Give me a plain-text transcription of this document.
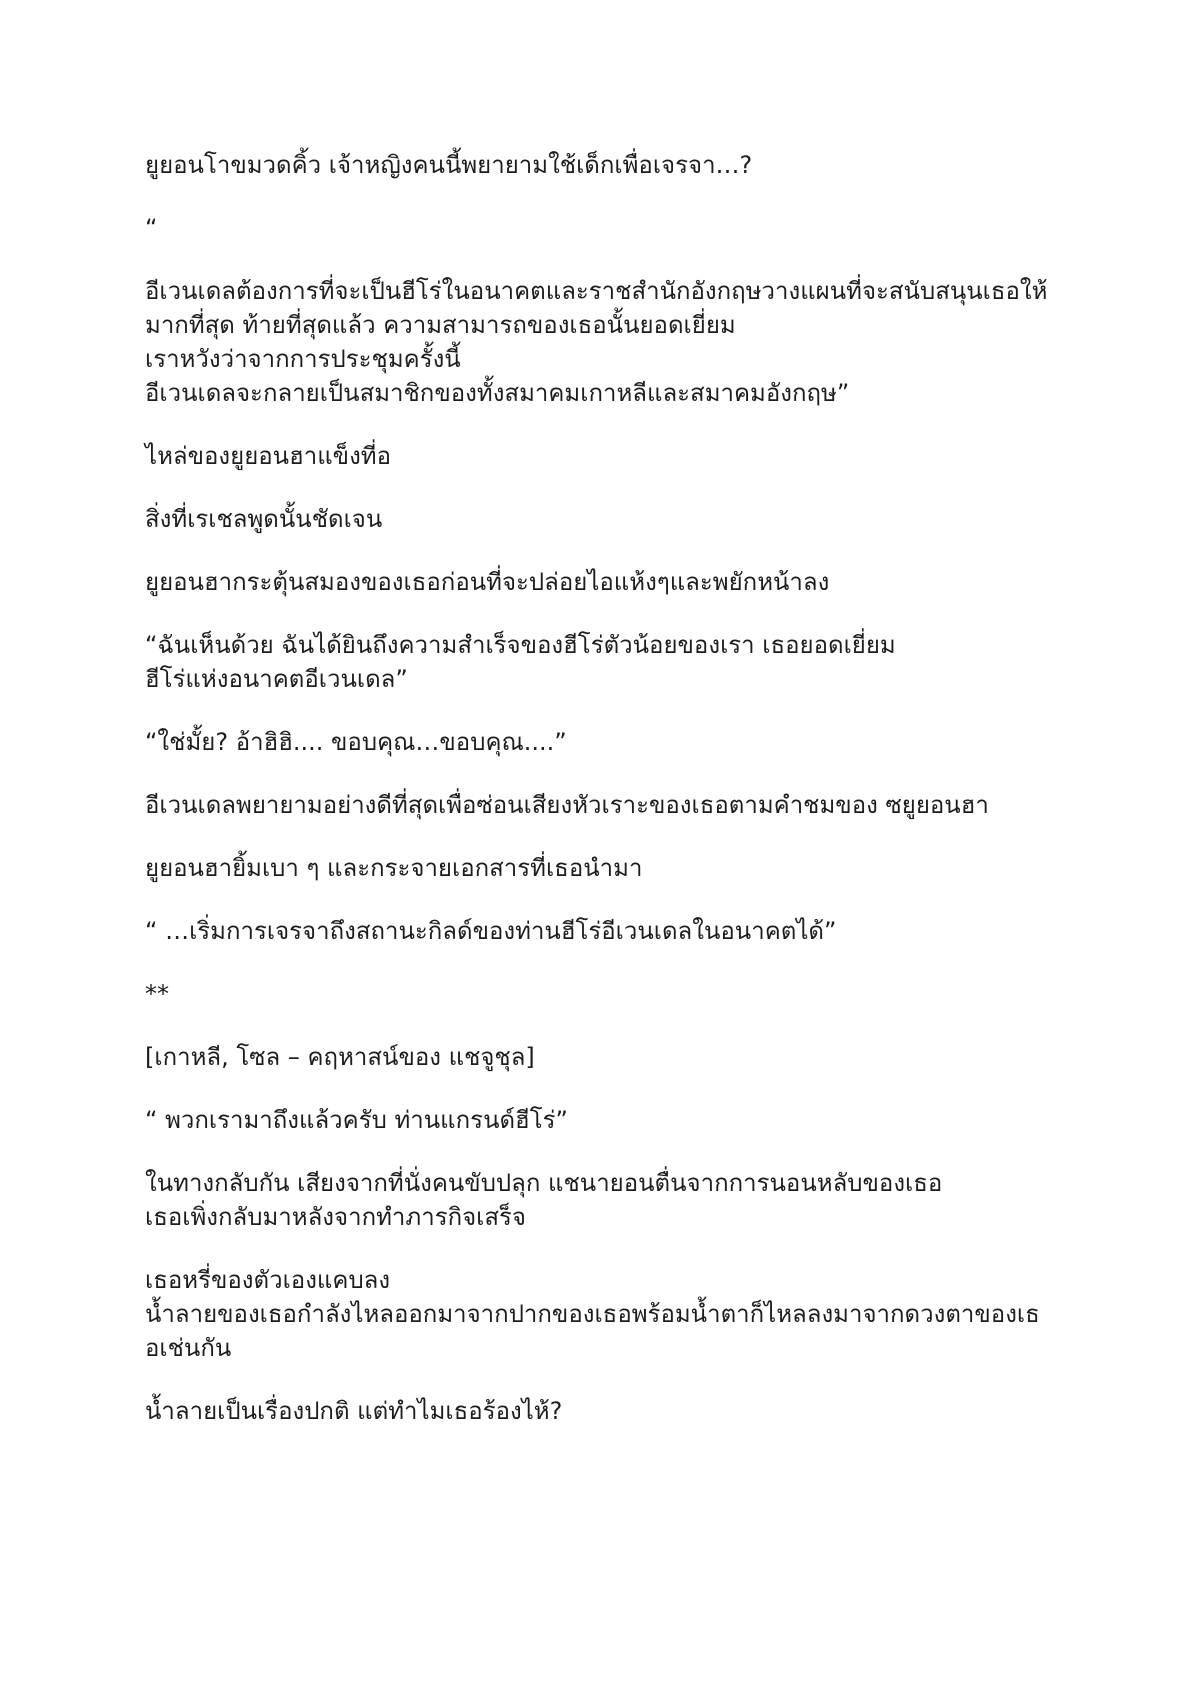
ยูยอนโาขมวดคิ้ว เจ้าหญิงคนนี้พยายามใช้เด็กเพื่อเจรจา…?

“

อีเวนเดลต้องการที่จะเป็นฮีโร่ในอนาคตและราชสำนักอังกฤษวางแผนที่จะสนับสนุนเธอให้
มากที่สุด ท้ายที่สุดแล้ว ความสามารถของเธอนั้นยอดเยี่ยม
เราหวังว่าจากการประชุมครั้งนี้
อีเวนเดลจะกลายเป็นสมาชิกของทั้งสมาคมเกาหลีและสมาคมอังกฤษ”

ไหล่ของยูยอนฮาแข็งที่อ

สิ่งที่เรเชลพูดนั้นชัดเจน

ยูยอนฮากระตุ้นสมองของเธอก่อนที่จะปล่อยไอแห้งๆและพยักหน้าลง

“ฉันเห็นด้วย ฉันได้ยินถึงความสำเร็จของฮีโร่ตัวน้อยของเรา เธอยอดเยี่ยม
ฮีโร่แห่งอนาคตอีเวนเดล”

“ใช่มั้ย? อ้าฮิฮิ.... ขอบคุณ…ขอบคุณ....”

อีเวนเดลพยายามอย่างดีที่สุดเพื่อซ่อนเสียงหัวเราะของเธอตามคำชมของ ซยูยอนฮา

ยูยอนฮายิ้มเบา ๆ และกระจายเอกสารที่เธอนำมา

“ …เริ่มการเจรจาถึงสถานะกิลด์ของท่านฮีโร่อีเวนเดลในอนาคตได้”

**

[เกาหลี, โซล – คฤหาสน์ของ แชจูชุล]

“ พวกเรามาถึงแล้วครับ ท่านแกรนด์ฮีโร่”

ในทางกลับกัน เสียงจากที่นั่งคนขับปลุก แชนายอนตื่นจากการนอนหลับของเธอ
เธอเพิ่งกลับมาหลังจากทำภารกิจเสร็จ

เธอหรี่ของตัวเองแคบลง
น้ำลายของเธอกำลังไหลออกมาจากปากของเธอพร้อมน้ำตาก็ไหลลงมาจากดวงตาของเธ
อเช่นกัน

น้ำลายเป็นเรื่องปกติ แต่ทำไมเธอร้องไห้?
